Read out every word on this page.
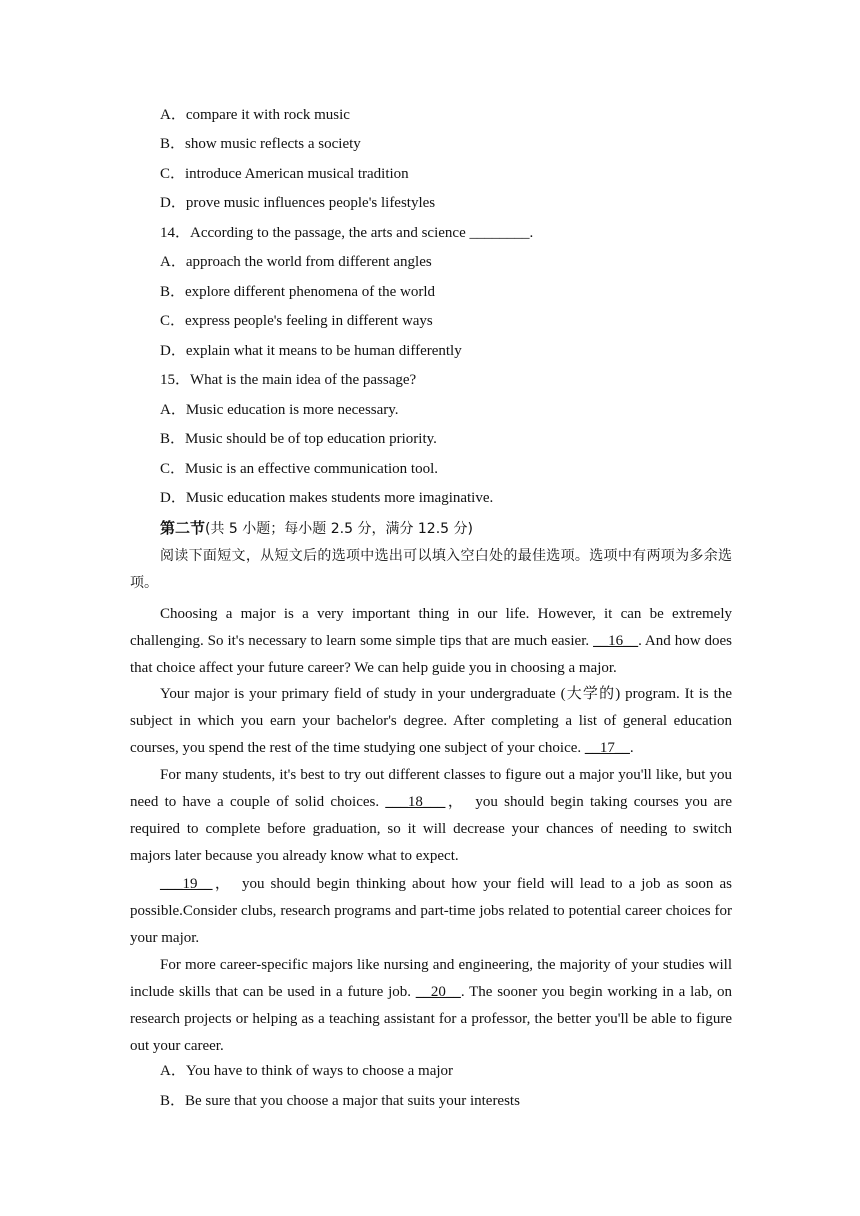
A．compare it with rock music
B．show music reflects a society
C．introduce American musical tradition
D．prove music influences people's lifestyles
14．According to the passage, the arts and science ________.
A．approach the world from different angles
B．explore different phenomena of the world
C．express people's feeling in different ways
D．explain what it means to be human differently
15．What is the main idea of the passage?
A．Music education is more necessary.
B．Music should be of top education priority.
C．Music is an effective communication tool.
D．Music education makes students more imaginative.
第二节(共 5 小题；每小题 2.5 分，满分 12.5 分)
阅读下面短文，从短文后的选项中选出可以填入空白处的最佳选项。选项中有两项为多余选项。
Choosing a major is a very important thing in our life. However, it can be extremely challenging. So it's necessary to learn some simple tips that are much easier. __16__. And how does that choice affect your future career? We can help guide you in choosing a major.
Your major is your primary field of study in your undergraduate (大学的) program. It is the subject in which you earn your bachelor's degree. After completing a list of general education courses, you spend the rest of the time studying one subject of your choice. __17__.
For many students, it's best to try out different classes to figure out a major you'll like, but you need to have a couple of solid choices. ___18___，　you should begin taking courses you are required to complete before graduation, so it will decrease your chances of needing to switch majors later because you already know what to expect.
___19__，　you should begin thinking about how your field will lead to a job as soon as possible.Consider clubs, research programs and part-time jobs related to potential career choices for your major.
For more career-specific majors like nursing and engineering, the majority of your studies will include skills that can be used in a future job. __20__. The sooner you begin working in a lab, on research projects or helping as a teaching assistant for a professor, the better you'll be able to figure out your career.
A．You have to think of ways to choose a major
B．Be sure that you choose a major that suits your interests
